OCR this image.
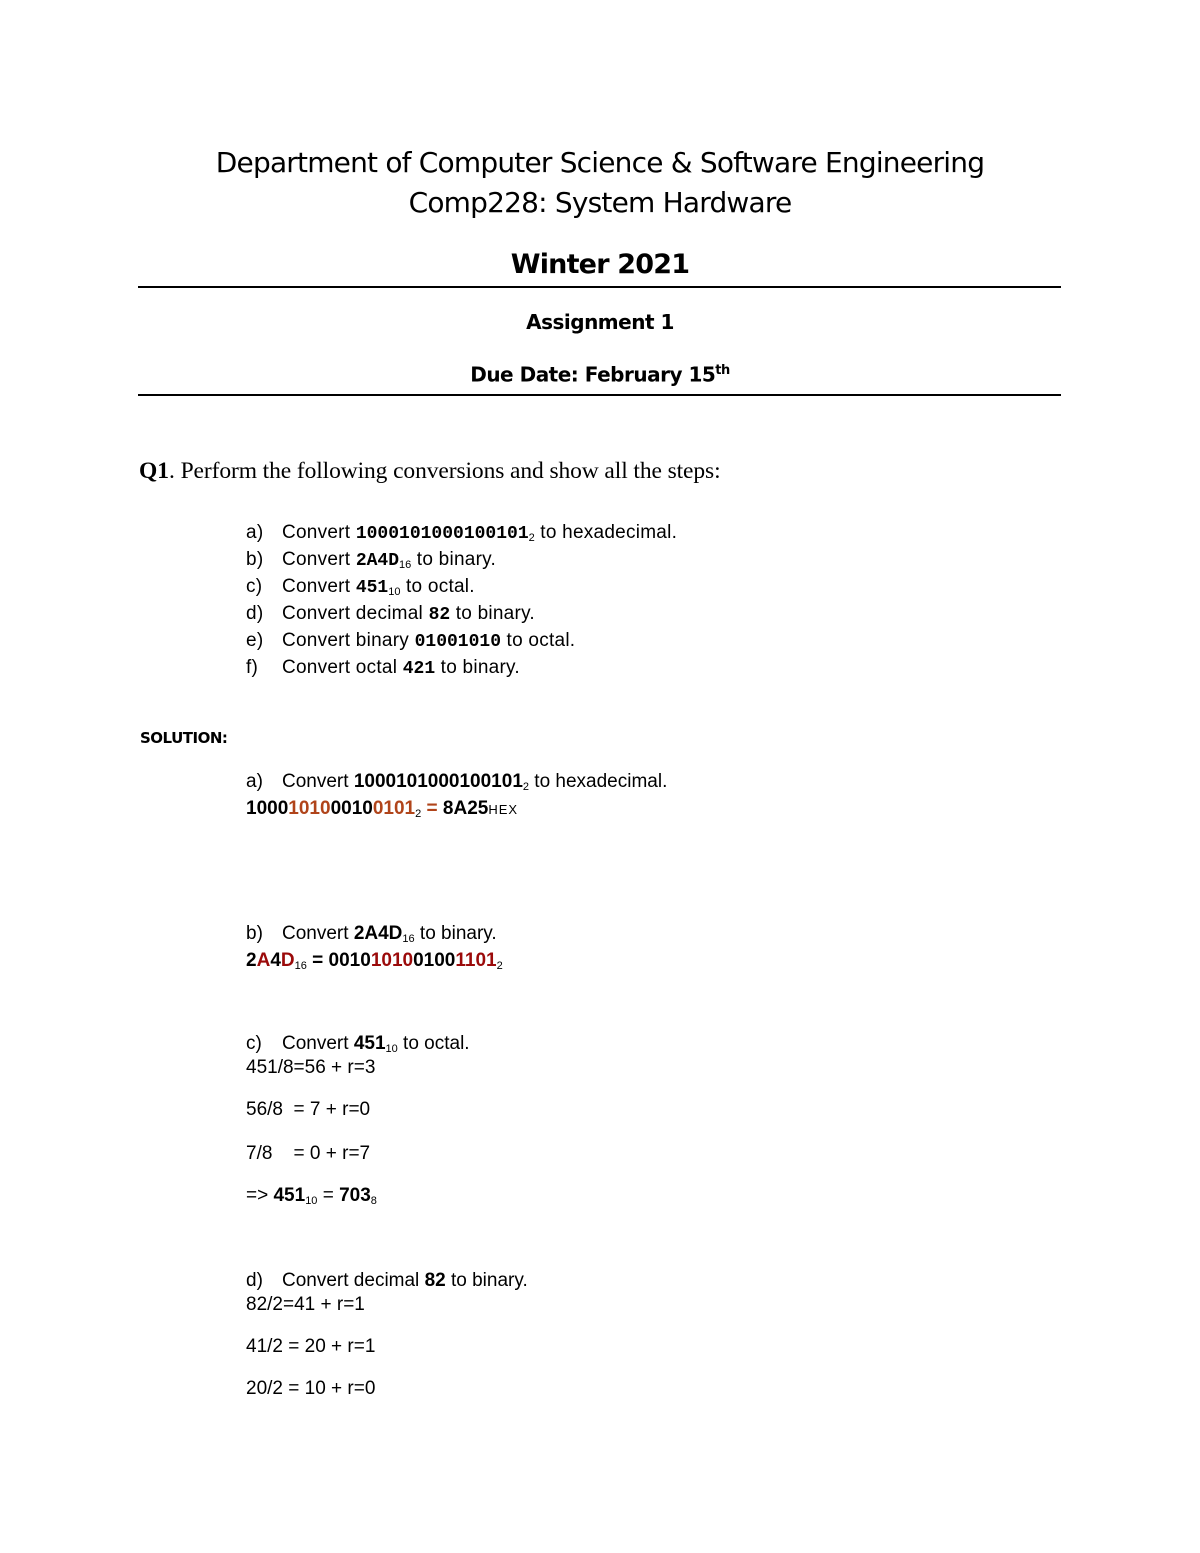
Department of Computer Science & Software Engineering
Comp228: System Hardware
Winter 2021
Assignment 1
Due Date: February 15th
Q1. Perform the following conversions and show all the steps:
a) Convert 10001010001001012 to hexadecimal.
b) Convert 2A4D16 to binary.
c) Convert 45110 to octal.
d) Convert decimal 82 to binary.
e) Convert binary 01001010 to octal.
f) Convert octal 421 to binary.
SOLUTION:
a) Convert 10001010001001012 to hexadecimal.
10001010001001012 = 8A25HEX
b) Convert 2A4D16 to binary.
2A4D16 = 00101010010011012
c) Convert 45110 to octal.
451/8=56 + r=3
56/8  = 7 + r=0
7/8    = 0 + r=7
=> 45110 = 7038
d) Convert decimal 82 to binary.
82/2=41 + r=1
41/2 = 20 + r=1
20/2 = 10 + r=0
